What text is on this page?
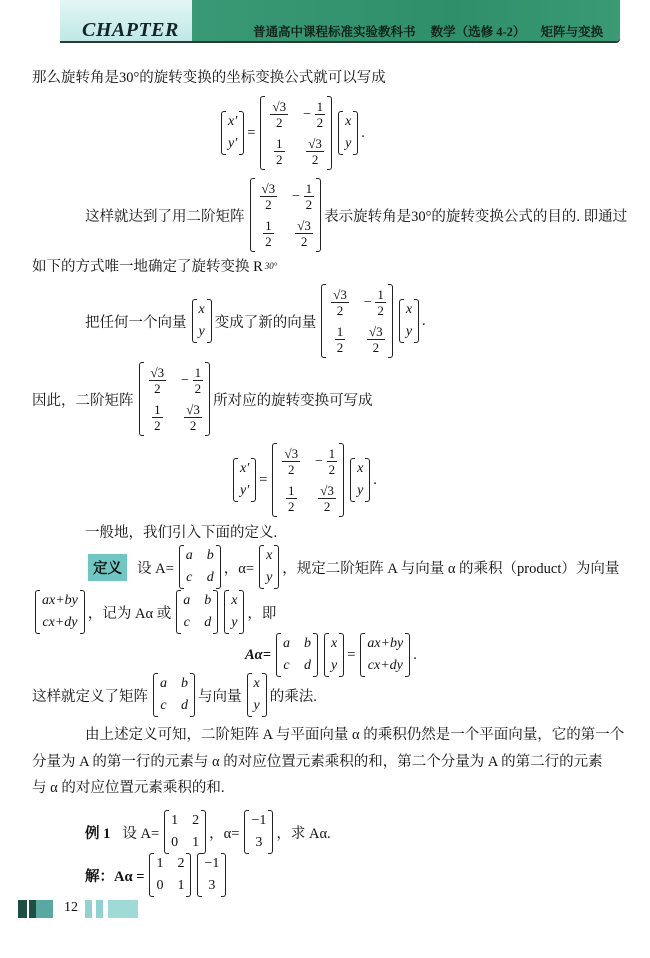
CHAPTER	普通高中课程标准实验教科书 数学（选修 4-2） 矩阵与变换
那么旋转角是30°的旋转变换的坐标变换公式就可以写成
x′
y′
=
$\frac{√3}{2} - \frac{1}{2}$
$\frac{1}{2} \frac{√3}{2}$
x
y
.
这样就达到了用二阶矩阵
$\frac{√3}{2} - \frac{1}{2}$
$\frac{1}{2} \frac{√3}{2}$
表示旋转角是30°的旋转变换公式的目的. 即通过
如下的方式唯一地确定了旋转变换 R 30°
把任何一个向量
x
y
变成了新的向量
$\frac{√3}{2} - \frac{1}{2}$
$\frac{1}{2} \frac{√3}{2}$
x
y
.
因此，二阶矩阵
$\frac{√3}{2} - \frac{1}{2}$
$\frac{1}{2} \frac{√3}{2}$
所对应的旋转变换可写成
x′
y′
=
$\frac{√3}{2} - \frac{1}{2}$
$\frac{1}{2} \frac{√3}{2}$
x
y
.
一般地，我们引入下面的定义.
定义	设 A=
a b
c d
，α=
x
y
，规定二阶矩阵 A 与向量 α 的乘积（product）为向量
ax+by
cx+dy
，记为 Aα 或
a b
c d
x
y
，即
Aα=
a b
c d
x
y
=
ax+by
cx+dy
.
这样就定义了矩阵
a b
c d
与向量
x
y
的乘法.
由上述定义可知，二阶矩阵 A 与平面向量 α 的乘积仍然是一个平面向量，它的第一个
分量为 A 的第一行的元素与 α 的对应位置元素乘积的和，第二个分量为 A 的第二行的元素
与 α 的对应位置元素乘积的和.
例 1 设 A=
1 2
0 1
，α=
−1
3
，求 Aα.
解：Aα =
1 2
0 1
−1
3
12
